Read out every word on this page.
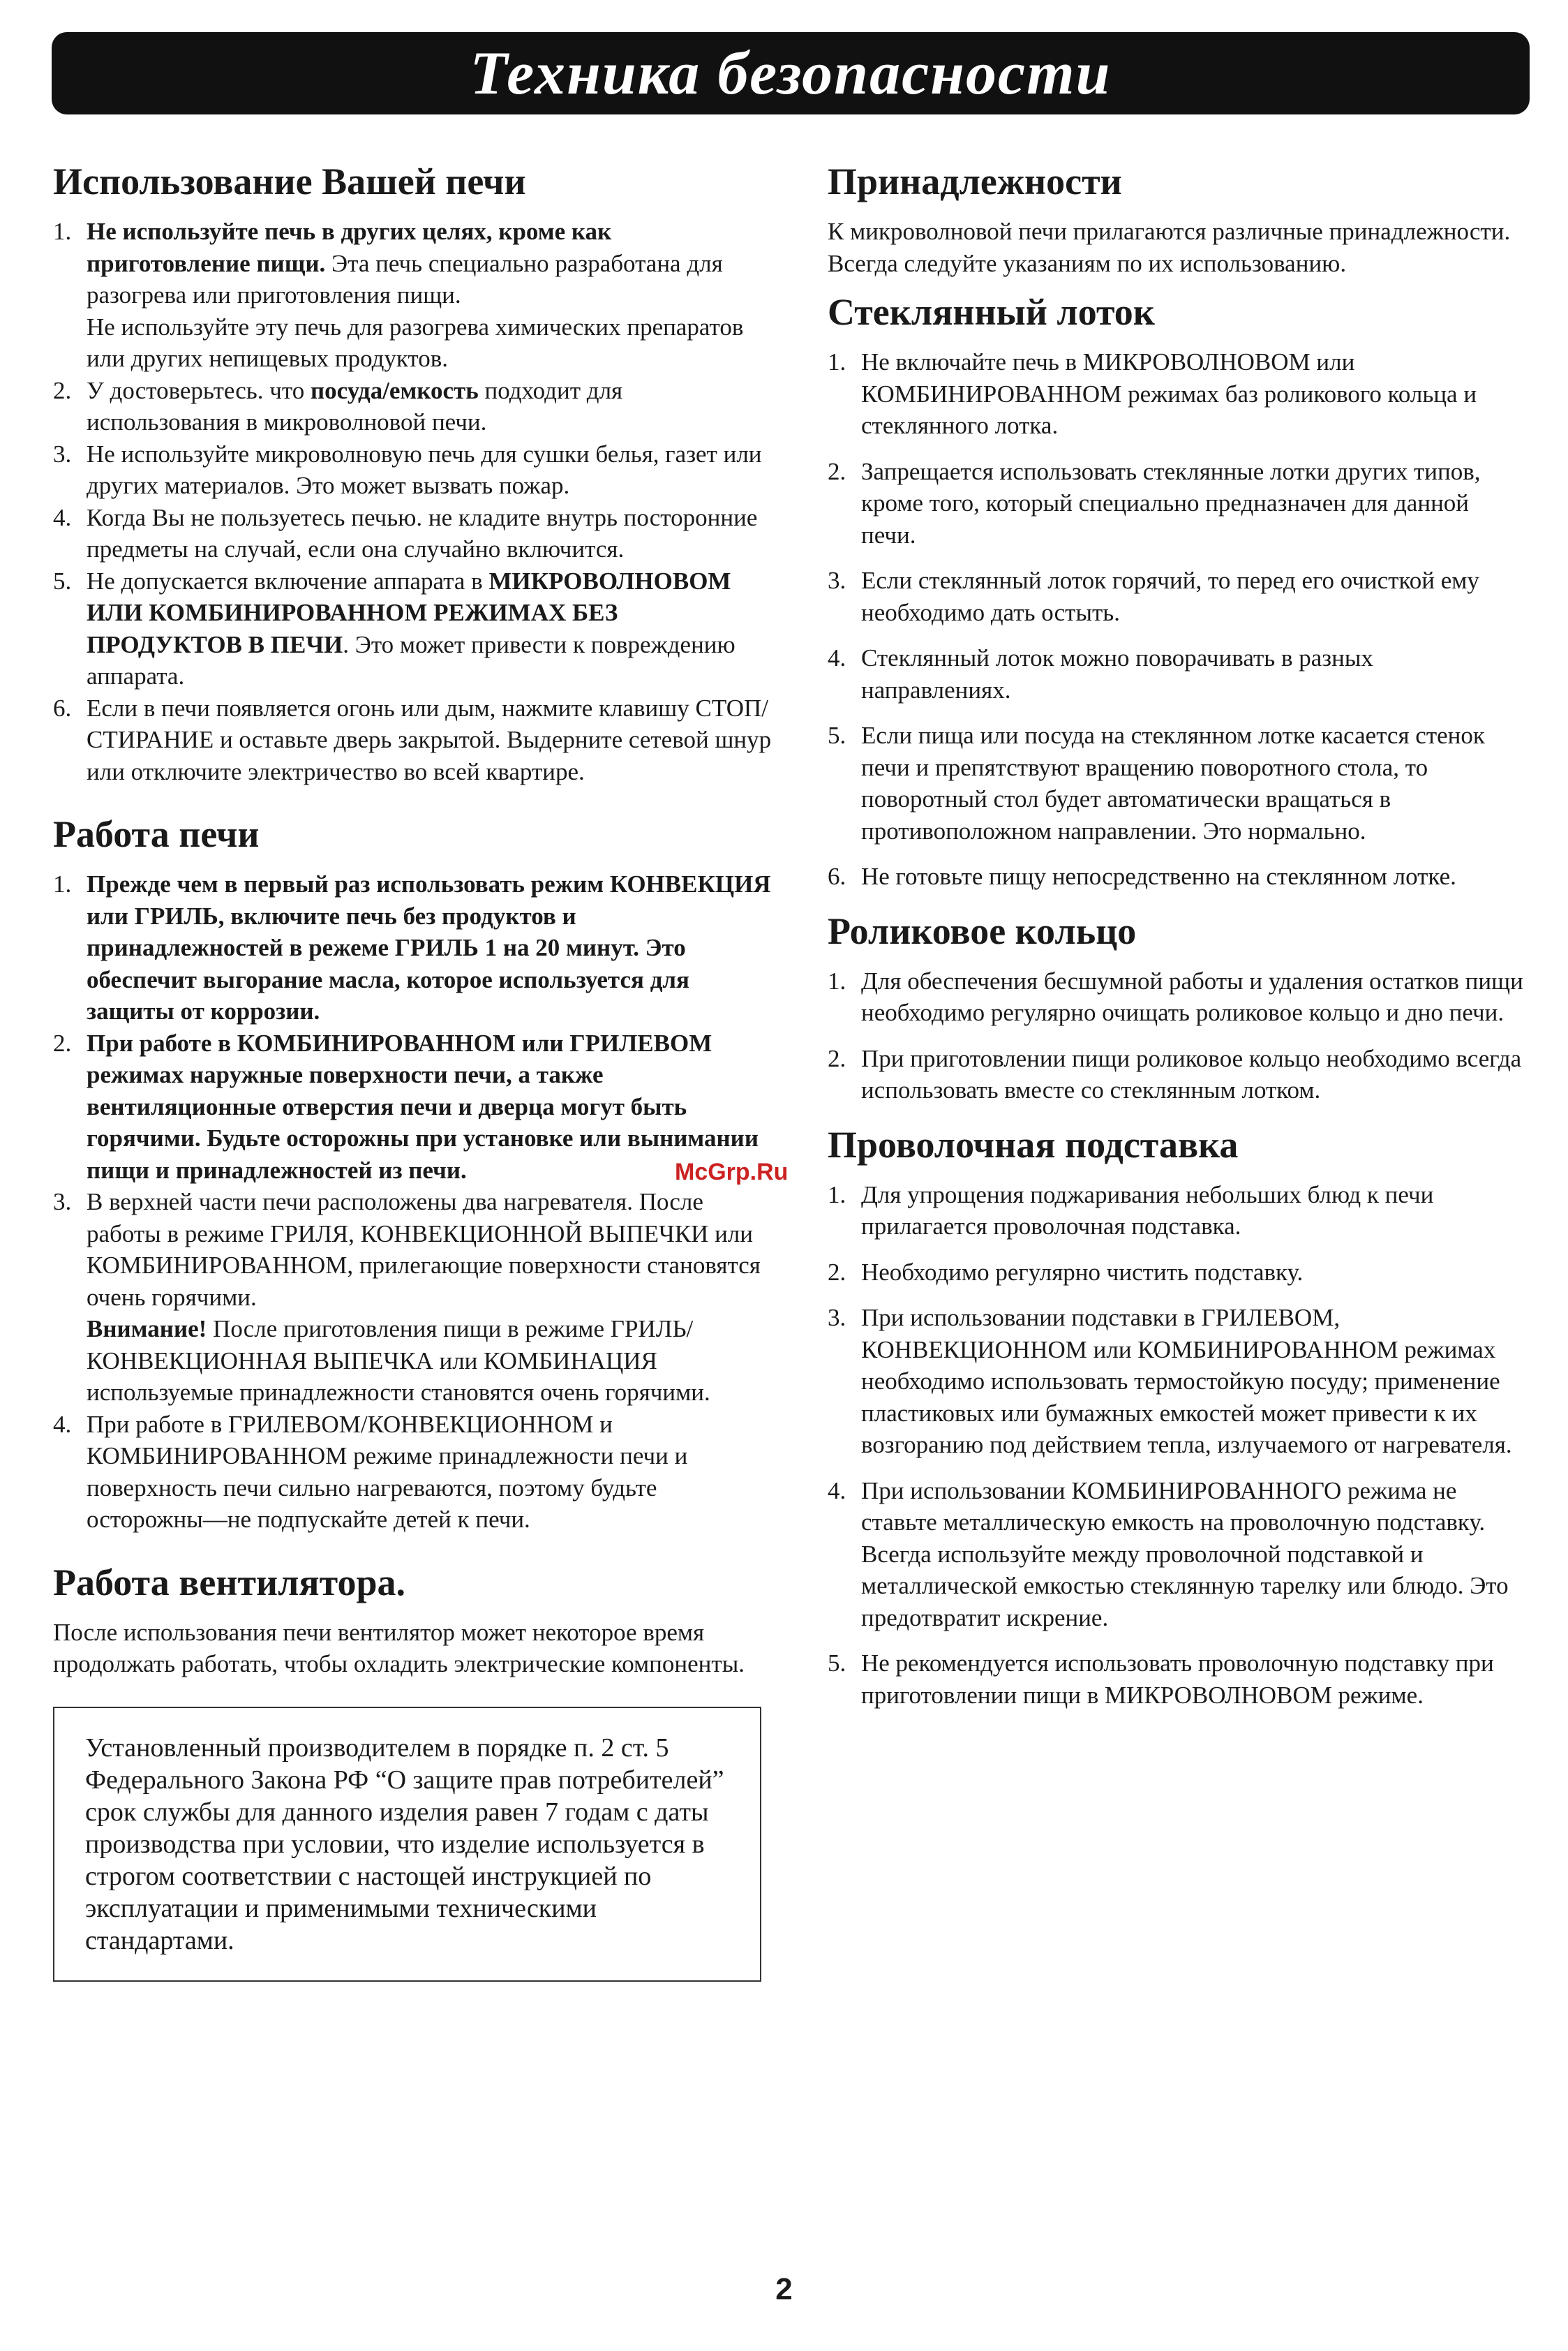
Техника безопасности
Использование Вашей печи
1. Не используйте печь в других целях, кроме как приготовление пищи. Эта печь специально разработана для разогрева или приготовления пищи.
Не используйте эту печь для разогрева химических препаратов или других непищевых продуктов.
2. У достоверьтесь. что посуда/емкость подходит для использования в микроволновой печи.
3. Не используйте микроволновую печь для сушки белья, газет или других материалов. Это может вызвать пожар.
4. Когда Вы не пользуетесь печью. не кладите внутрь посторонние предметы на случай, если она случайно включится.
5. Не допускается включение аппарата в МИКРОВОЛНОВОМ ИЛИ КОМБИНИРОВАННОМ РЕЖИМАХ БЕЗ ПРОДУКТОВ В ПЕЧИ. Это может привести к повреждению аппарата.
6. Если в печи появляется огонь или дым, нажмите клавишу СТОП/СТИРАНИЕ и оставьте дверь закрытой. Выдерните сетевой шнур или отключите электричество во всей квартире.
Работа печи
1. Прежде чем в первый раз использовать режим КОНВЕКЦИЯ или ГРИЛЬ, включите печь без продуктов и принадлежностей в режеме ГРИЛЬ 1 на 20 минут. Это обеспечит выгорание масла, которое используется для защиты от коррозии.
2. При работе в КОМБИНИРОВАННОМ или ГРИЛЕВОМ режимах наружные поверхности печи, а также вентиляционные отверстия печи и дверца могут быть горячими. Будьте осторожны при установке или вынимании пищи и принадлежностей из печи.
3. В верхней части печи расположены два нагревателя. После работы в режиме ГРИЛЯ, КОНВЕКЦИОННОЙ ВЫПЕЧКИ или КОМБИНИРОВАННОМ, прилегающие поверхности становятся очень горячими.
Внимание! После приготовления пищи в режиме ГРИЛЬ/КОНВЕКЦИОННАЯ ВЫПЕЧКА или КОМБИНАЦИЯ используемые принадлежности становятся очень горячими.
4. При работе в ГРИЛЕВОМ/КОНВЕКЦИОННОМ и КОМБИНИРОВАННОМ режиме принадлежности печи и поверхность печи сильно нагреваются, поэтому будьте осторожны—не подпускайте детей к печи.
Работа вентилятора.

После использования печи вентилятор может некоторое время продолжать работать, чтобы охладить электрические компоненты.

Установленный производителем в порядке п. 2 ст. 5 Федерального Закона РФ “О защите прав потребителей” срок службы для данного изделия равен 7 годам с даты производства при условии, что изделие используется в строгом соответствии с настощей инструкцией по эксплуатации и применимыми техническими стандартами.
Принадлежности

К микроволновой печи прилагаются различные принадлежности. Всегда следуйте указаниям по их использованию.

Стеклянный лоток
1. Не включайте печь в МИКРОВОЛНОВОМ или КОМБИНИРОВАННОМ режимах баз роликового кольца и стеклянного лотка.
2. Запрещается использовать стеклянные лотки других типов, кроме того, который специально предназначен для данной печи.
3. Если стеклянный лоток горячий, то перед его очисткой ему необходимо дать остыть.
4. Стеклянный лоток можно поворачивать в разных направлениях.
5. Если пища или посуда на стеклянном лотке касается стенок печи и препятствуют вращению поворотного стола, то поворотный стол будет автоматически вращаться в противоположном направлении. Это нормально.
6. Не готовьте пищу непосредственно на стеклянном лотке.
Роликовое кольцо
1. Для обеспечения бесшумной работы и удаления остатков пищи необходимо регулярно очищать роликовое кольцо и дно печи.
2. При приготовлении пищи роликовое кольцо необходимо всегда использовать вместе со стеклянным лотком.
Проволочная подставка
1. Для упрощения поджаривания небольших блюд к печи прилагается проволочная подставка.
2. Необходимо регулярно чистить подставку.
3. При использовании подставки в ГРИЛЕВОМ, КОНВЕКЦИОННОМ или КОМБИНИРОВАННОМ режимах необходимо использовать термостойкую посуду; применение пластиковых или бумажных емкостей может привести к их возгоранию под действием тепла, излучаемого от нагревателя.
4. При использовании КОМБИНИРОВАННОГО режима не ставьте металлическую емкость на проволочную подставку. Всегда используйте между проволочной подставкой и металлической емкостью стеклянную тарелку или блюдо. Это предотвратит искрение.
5. Не рекомендуется использовать проволочную подставку при приготовлении пищи в МИКРОВОЛНОВОМ режиме.
McGrp.Ru
2
